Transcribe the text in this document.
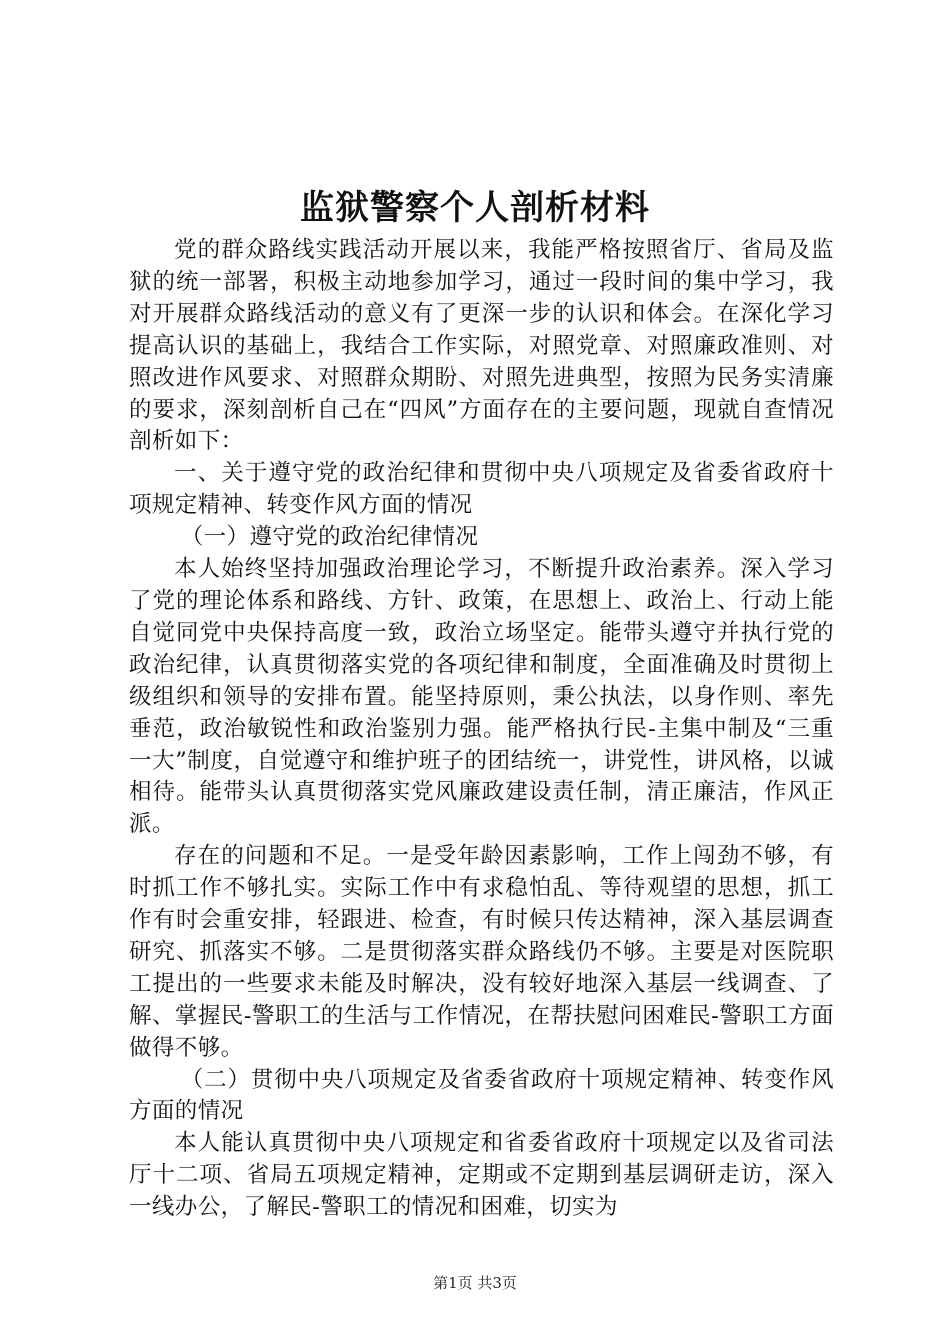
监狱警察个人剖析材料

党的群众路线实践活动开展以来，我能严格按照省厅、省局及监狱的统一部署，积极主动地参加学习，通过一段时间的集中学习，我对开展群众路线活动的意义有了更深一步的认识和体会。在深化学习提高认识的基础上，我结合工作实际，对照党章、对照廉政准则、对照改进作风要求、对照群众期盼、对照先进典型，按照为民务实清廉的要求，深刻剖析自己在“四风”方面存在的主要问题，现就自查情况剖析如下：

一、关于遵守党的政治纪律和贯彻中央八项规定及省委省政府十项规定精神、转变作风方面的情况

（一）遵守党的政治纪律情况

本人始终坚持加强政治理论学习，不断提升政治素养。深入学习了党的理论体系和路线、方针、政策，在思想上、政治上、行动上能自觉同党中央保持高度一致，政治立场坚定。能带头遵守并执行党的政治纪律，认真贯彻落实党的各项纪律和制度，全面准确及时贯彻上级组织和领导的安排布置。能坚持原则，秉公执法，以身作则、率先垂范，政治敏锐性和政治鉴别力强。能严格执行民-主集中制及“三重一大”制度，自觉遵守和维护班子的团结统一，讲党性，讲风格，以诚相待。能带头认真贯彻落实党风廉政建设责任制，清正廉洁，作风正派。

存在的问题和不足。一是受年龄因素影响，工作上闯劲不够，有时抓工作不够扎实。实际工作中有求稳怕乱、等待观望的思想，抓工作有时会重安排，轻跟进、检查，有时候只传达精神，深入基层调查研究、抓落实不够。二是贯彻落实群众路线仍不够。主要是对医院职工提出的一些要求未能及时解决，没有较好地深入基层一线调查、了解、掌握民-警职工的生活与工作情况，在帮扶慰问困难民-警职工方面做得不够。

（二）贯彻中央八项规定及省委省政府十项规定精神、转变作风方面的情况

本人能认真贯彻中央八项规定和省委省政府十项规定以及省司法厅十二项、省局五项规定精神，定期或不定期到基层调研走访，深入一线办公，了解民-警职工的情况和困难，切实为

第1页 共3页
